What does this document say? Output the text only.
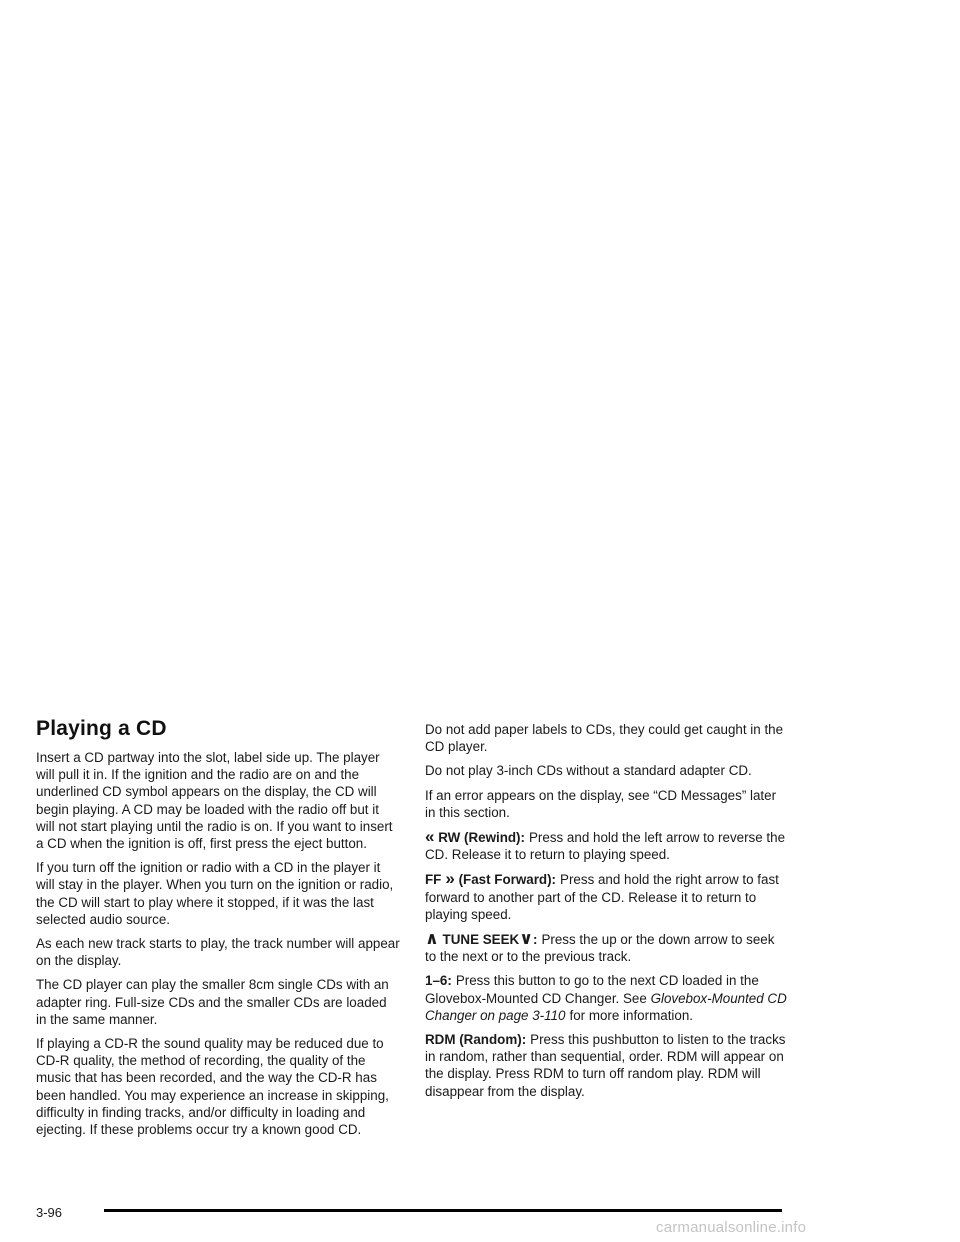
Playing a CD

Insert a CD partway into the slot, label side up. The player will pull it in. If the ignition and the radio are on and the underlined CD symbol appears on the display, the CD will begin playing. A CD may be loaded with the radio off but it will not start playing until the radio is on. If you want to insert a CD when the ignition is off, first press the eject button.

If you turn off the ignition or radio with a CD in the player it will stay in the player. When you turn on the ignition or radio, the CD will start to play where it stopped, if it was the last selected audio source.

As each new track starts to play, the track number will appear on the display.

The CD player can play the smaller 8cm single CDs with an adapter ring. Full-size CDs and the smaller CDs are loaded in the same manner.

If playing a CD-R the sound quality may be reduced due to CD-R quality, the method of recording, the quality of the music that has been recorded, and the way the CD-R has been handled. You may experience an increase in skipping, difficulty in finding tracks, and/or difficulty in loading and ejecting. If these problems occur try a known good CD.

Do not add paper labels to CDs, they could get caught in the CD player.

Do not play 3-inch CDs without a standard adapter CD.

If an error appears on the display, see “CD Messages” later in this section.

« RW (Rewind): Press and hold the left arrow to reverse the CD. Release it to return to playing speed.

FF » (Fast Forward): Press and hold the right arrow to fast forward to another part of the CD. Release it to return to playing speed.

∧ TUNE SEEK∨: Press the up or the down arrow to seek to the next or to the previous track.

1–6: Press this button to go to the next CD loaded in the Glovebox-Mounted CD Changer. See Glovebox-Mounted CD Changer on page 3-110 for more information.

RDM (Random): Press this pushbutton to listen to the tracks in random, rather than sequential, order. RDM will appear on the display. Press RDM to turn off random play. RDM will disappear from the display.

3-96
carmanualsonline.info
